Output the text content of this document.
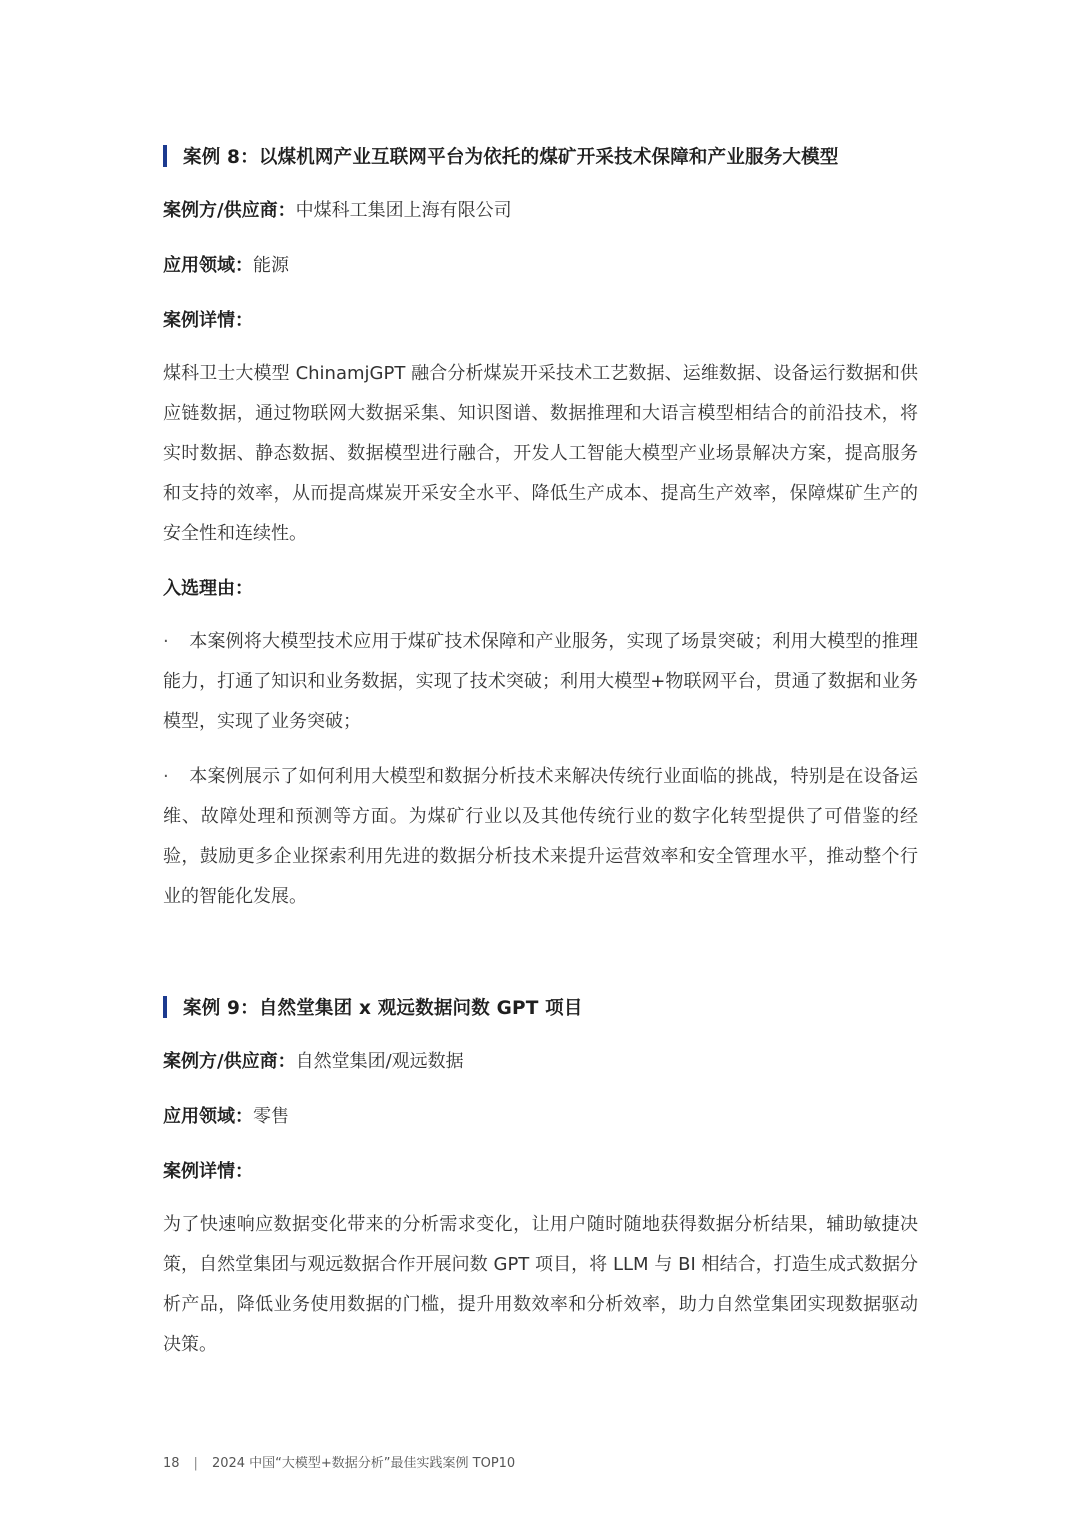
案例 8：以煤机网产业互联网平台为依托的煤矿开采技术保障和产业服务大模型
案例方/供应商：中煤科工集团上海有限公司
应用领域：能源
案例详情：
煤科卫士大模型 ChinamjGPT 融合分析煤炭开采技术工艺数据、运维数据、设备运行数据和供应链数据，通过物联网大数据采集、知识图谱、数据推理和大语言模型相结合的前沿技术，将实时数据、静态数据、数据模型进行融合，开发人工智能大模型产业场景解决方案，提高服务和支持的效率，从而提高煤炭开采安全水平、降低生产成本、提高生产效率，保障煤矿生产的安全性和连续性。
入选理由：
· 本案例将大模型技术应用于煤矿技术保障和产业服务，实现了场景突破；利用大模型的推理能力，打通了知识和业务数据，实现了技术突破；利用大模型+物联网平台，贯通了数据和业务模型，实现了业务突破；
· 本案例展示了如何利用大模型和数据分析技术来解决传统行业面临的挑战，特别是在设备运维、故障处理和预测等方面。为煤矿行业以及其他传统行业的数字化转型提供了可借鉴的经验，鼓励更多企业探索利用先进的数据分析技术来提升运营效率和安全管理水平，推动整个行业的智能化发展。
案例 9：自然堂集团 x 观远数据问数 GPT 项目
案例方/供应商：自然堂集团/观远数据
应用领域：零售
案例详情：
为了快速响应数据变化带来的分析需求变化，让用户随时随地获得数据分析结果，辅助敏捷决策，自然堂集团与观远数据合作开展问数 GPT 项目，将 LLM 与 BI 相结合，打造生成式数据分析产品，降低业务使用数据的门槛，提升用数效率和分析效率，助力自然堂集团实现数据驱动决策。
18 | 2024 中国“大模型+数据分析”最佳实践案例 TOP10
